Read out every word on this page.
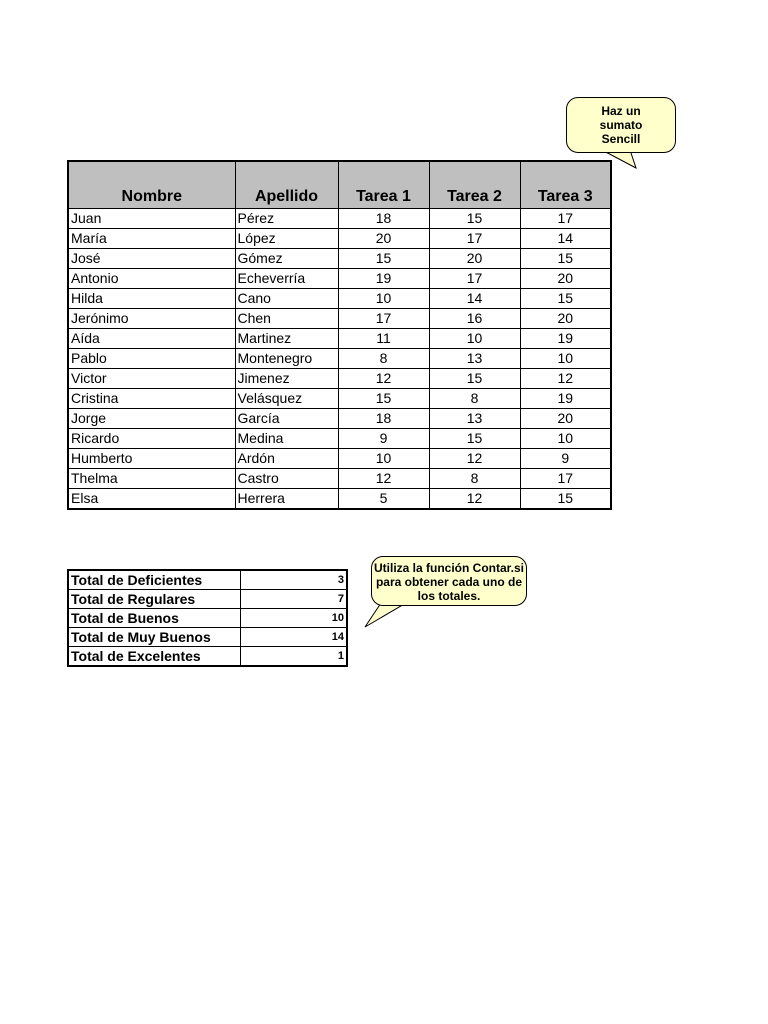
Haz un
sumato
Sencill
Nombre	Apellido	Tarea 1	Tarea 2	Tarea 3
Juan	Pérez	18	15	17
María	López	20	17	14
José	Gómez	15	20	15
Antonio	Echeverría	19	17	20
Hilda	Cano	10	14	15
Jerónimo	Chen	17	16	20
Aída	Martinez	11	10	19
Pablo	Montenegro	8	13	10
Victor	Jimenez	12	15	12
Cristina	Velásquez	15	8	19
Jorge	García	18	13	20
Ricardo	Medina	9	15	10
Humberto	Ardón	10	12	9
Thelma	Castro	12	8	17
Elsa	Herrera	5	12	15
Total de Deficientes	3
Total de Regulares	7
Total de Buenos	10
Total de Muy Buenos	14
Total de Excelentes	1
Utiliza la función Contar.si
para obtener cada uno de
los totales.
